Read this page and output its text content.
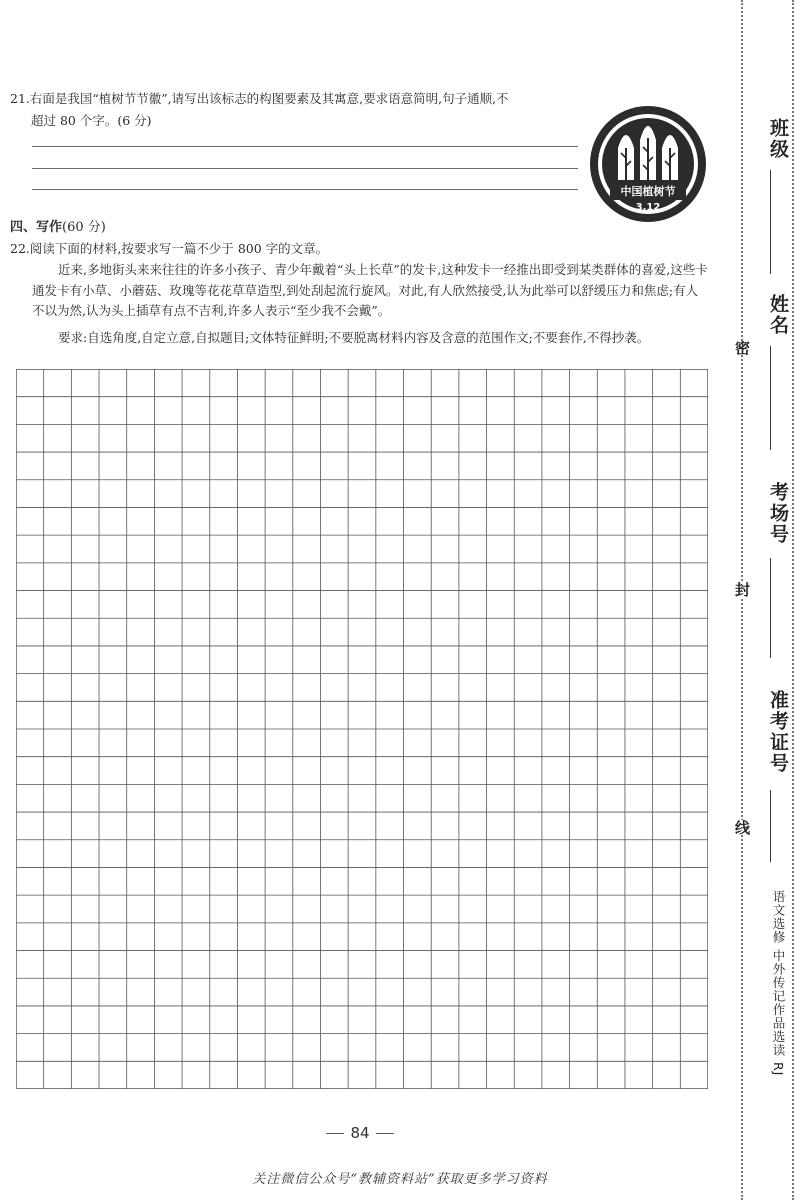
21.右面是我国“植树节节徽”,请写出该标志的构图要素及其寓意,要求语意简明,句子通顺,不
超过 80 个字。(6 分)
中国植树节
3.12
四、写作(60 分)
22.阅读下面的材料,按要求写一篇不少于 800 字的文章。

近来,多地街头来来往往的许多小孩子、青少年戴着“头上长草”的发卡,这种发卡一经推出即受到某类群体的喜爱,这些卡通发卡有小草、小蘑菇、玫瑰等花花草草造型,到处刮起流行旋风。对此,有人欣然接受,认为此举可以舒缓压力和焦虑;有人不以为然,认为头上插草有点不吉利,许多人表示“至少我不会戴”。

要求:自选角度,自定立意,自拟题目;文体特征鲜明;不要脱离材料内容及含意的范围作文;不要套作,不得抄袭。

84
关注微信公众号“教辅资料站”获取更多学习资料
班级
姓名
考场号
准考证号
密
封
线
语文选修 中外传记作品选读 RJ
